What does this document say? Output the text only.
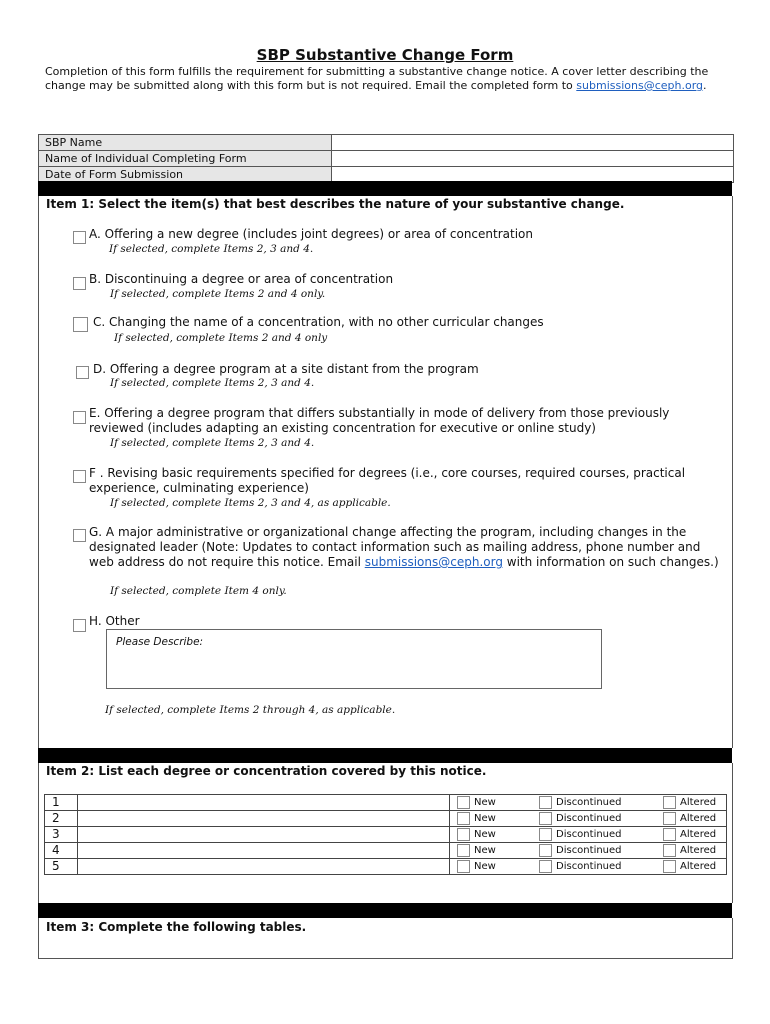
SBP Substantive Change Form
Completion of this form fulfills the requirement for submitting a substantive change notice. A cover letter describing the change may be submitted along with this form but is not required. Email the completed form to submissions@ceph.org.
SBP Name
Name of Individual Completing Form
Date of Form Submission
Item 1: Select the item(s) that best describes the nature of your substantive change.
A. Offering a new degree (includes joint degrees) or area of concentration
If selected, complete Items 2, 3 and 4.
B. Discontinuing a degree or area of concentration
If selected, complete Items 2 and 4 only.
C. Changing the name of a concentration, with no other curricular changes
If selected, complete Items 2 and 4 only
D. Offering a degree program at a site distant from the program
If selected, complete Items 2, 3 and 4.
E. Offering a degree program that differs substantially in mode of delivery from those previously reviewed (includes adapting an existing concentration for executive or online study)
If selected, complete Items 2, 3 and 4.
F . Revising basic requirements specified for degrees (i.e., core courses, required courses, practical experience, culminating experience)
If selected, complete Items 2, 3 and 4, as applicable.
G. A major administrative or organizational change affecting the program, including changes in the designated leader (Note: Updates to contact information such as mailing address, phone number and web address do not require this notice. Email submissions@ceph.org with information on such changes.)
If selected, complete Item 4 only.
H. Other
Please Describe:
If selected, complete Items 2 through 4, as applicable.
Item 2: List each degree or concentration covered by this notice.
1	New	Discontinued	Altered
2	New	Discontinued	Altered
3	New	Discontinued	Altered
4	New	Discontinued	Altered
5	New	Discontinued	Altered
Item 3: Complete the following tables.
